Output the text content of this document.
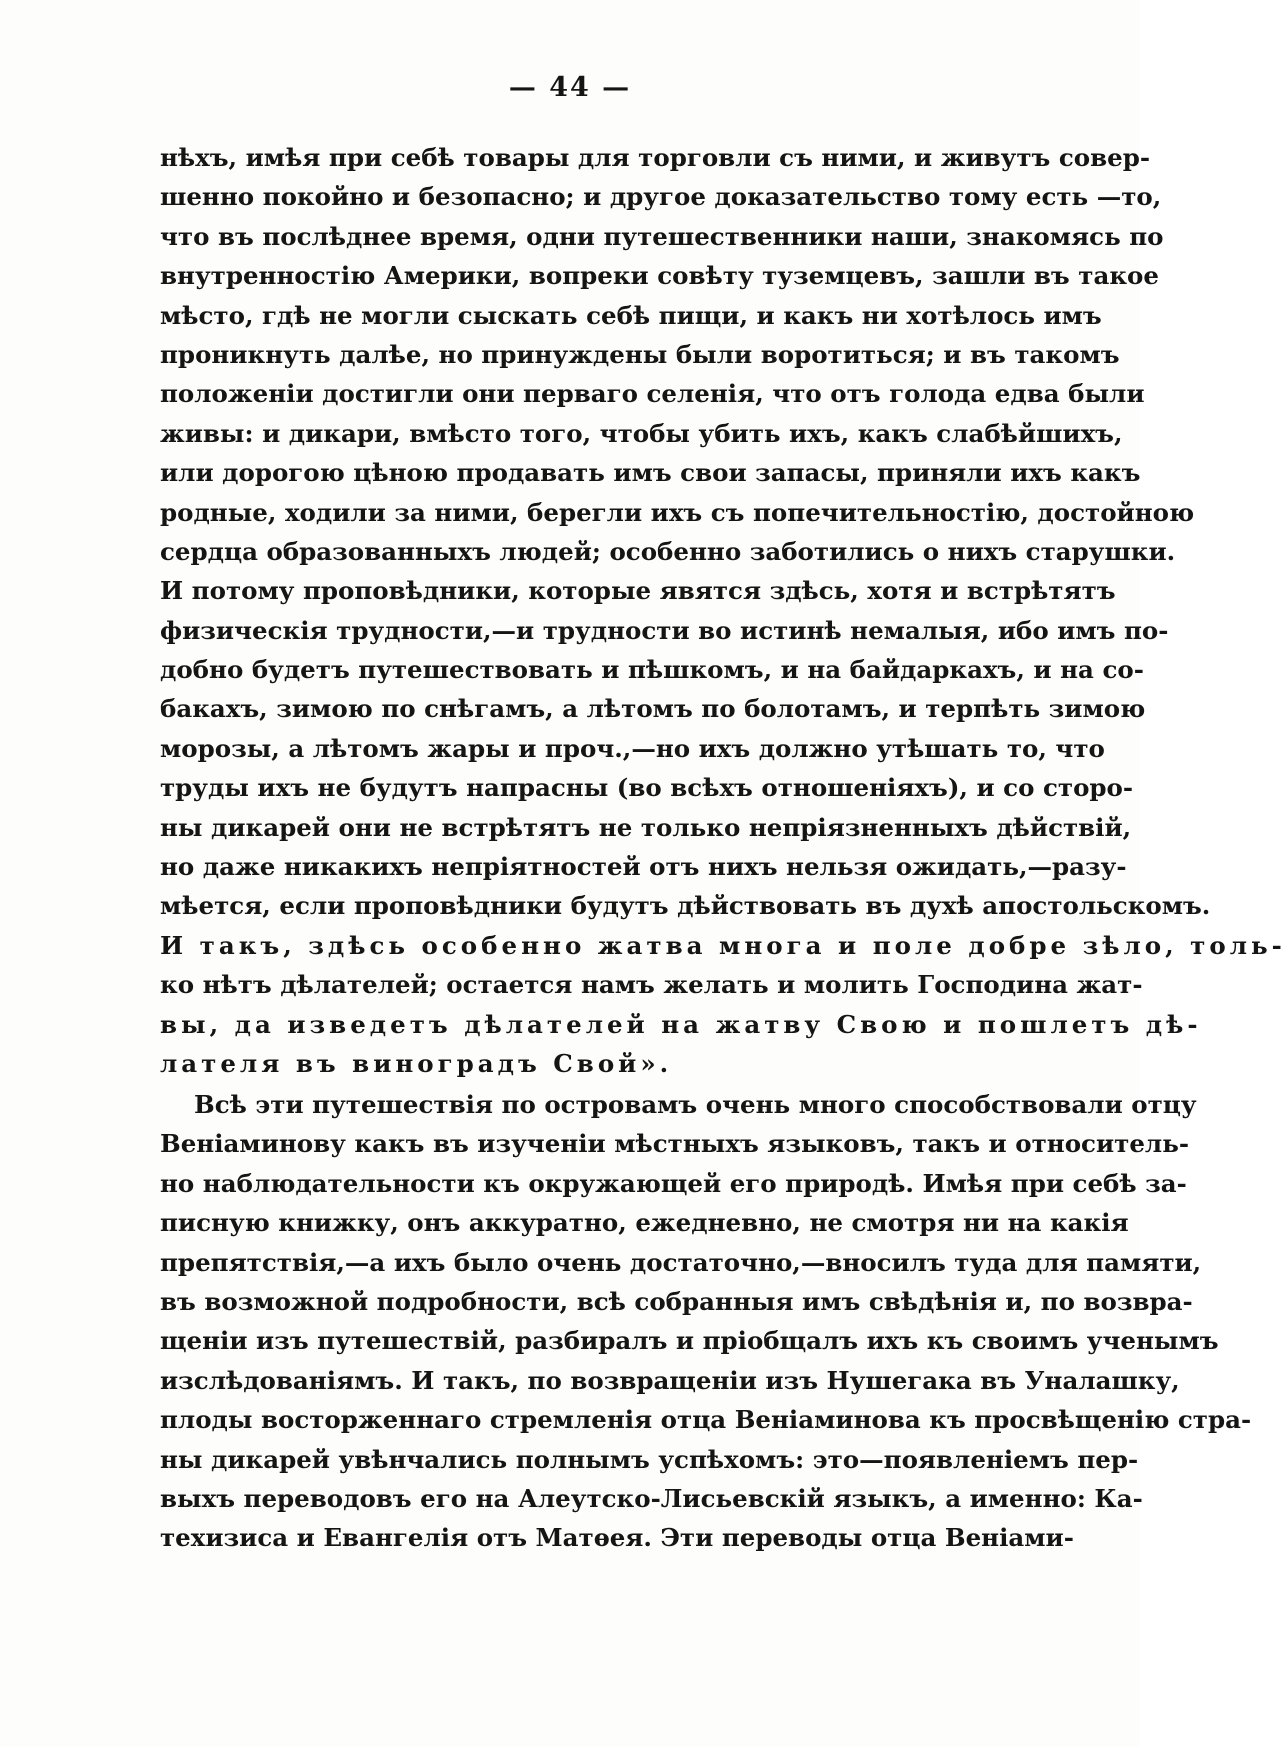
— 44 —
нѣхъ, имѣя при себѣ товары для торговли съ ними, и живутъ совер-
шенно покойно и безопасно; и другое доказательство тому есть —то,
что въ послѣднее время, одни путешественники наши, знакомясь по
внутренностію Америки, вопреки совѣту туземцевъ, зашли въ такое
мѣсто, гдѣ не могли сыскать себѣ пищи, и какъ ни хотѣлось имъ
проникнуть далѣе, но принуждены были воротиться; и въ такомъ
положеніи достигли они перваго селенія, что отъ голода едва были
живы: и дикари, вмѣсто того, чтобы убить ихъ, какъ слабѣйшихъ,
или дорогою цѣною продавать имъ свои запасы, приняли ихъ какъ
родные, ходили за ними, берегли ихъ съ попечительностію, достойною
сердца образованныхъ людей; особенно заботились о нихъ старушки.
И потому проповѣдники, которые явятся здѣсь, хотя и встрѣтятъ
физическія трудности,—и трудности во истинѣ немалыя, ибо имъ по-
добно будетъ путешествовать и пѣшкомъ, и на байдаркахъ, и на со-
бакахъ, зимою по снѣгамъ, а лѣтомъ по болотамъ, и терпѣть зимою
морозы, а лѣтомъ жары и проч.,—но ихъ должно утѣшать то, что
труды ихъ не будутъ напрасны (во всѣхъ отношеніяхъ), и со сторо-
ны дикарей они не встрѣтятъ не только непріязненныхъ дѣйствій,
но даже никакихъ непріятностей отъ нихъ нельзя ожидать,—разу-
мѣется, если проповѣдники будутъ дѣйствовать въ духѣ апостольскомъ.
И такъ, здѣсь особенно жатва многа и поле добре зѣло, толь-
ко нѣтъ дѣлателей; остается намъ желать и молить Господина жат-
вы, да изведетъ дѣлателей на жатву Свою и пошлетъ дѣ-
лателя въ виноградъ Свой».
Всѣ эти путешествія по островамъ очень много способствовали отцу
Веніаминову какъ въ изученіи мѣстныхъ языковъ, такъ и относитель-
но наблюдательности къ окружающей его природѣ. Имѣя при себѣ за-
писную книжку, онъ аккуратно, ежедневно, не смотря ни на какія
препятствія,—а ихъ было очень достаточно,—вносилъ туда для памяти,
въ возможной подробности, всѣ собранныя имъ свѣдѣнія и, по возвра-
щеніи изъ путешествій, разбиралъ и пріобщалъ ихъ къ своимъ ученымъ
изслѣдованіямъ. И такъ, по возвращеніи изъ Нушегака въ Уналашку,
плоды восторженнаго стремленія отца Веніаминова къ просвѣщенію стра-
ны дикарей увѣнчались полнымъ успѣхомъ: это—появленіемъ пер-
выхъ переводовъ его на Алеутско-Лисьевскій языкъ, а именно: Ка-
техизиса и Евангелія отъ Матѳея. Эти переводы отца Веніами-
